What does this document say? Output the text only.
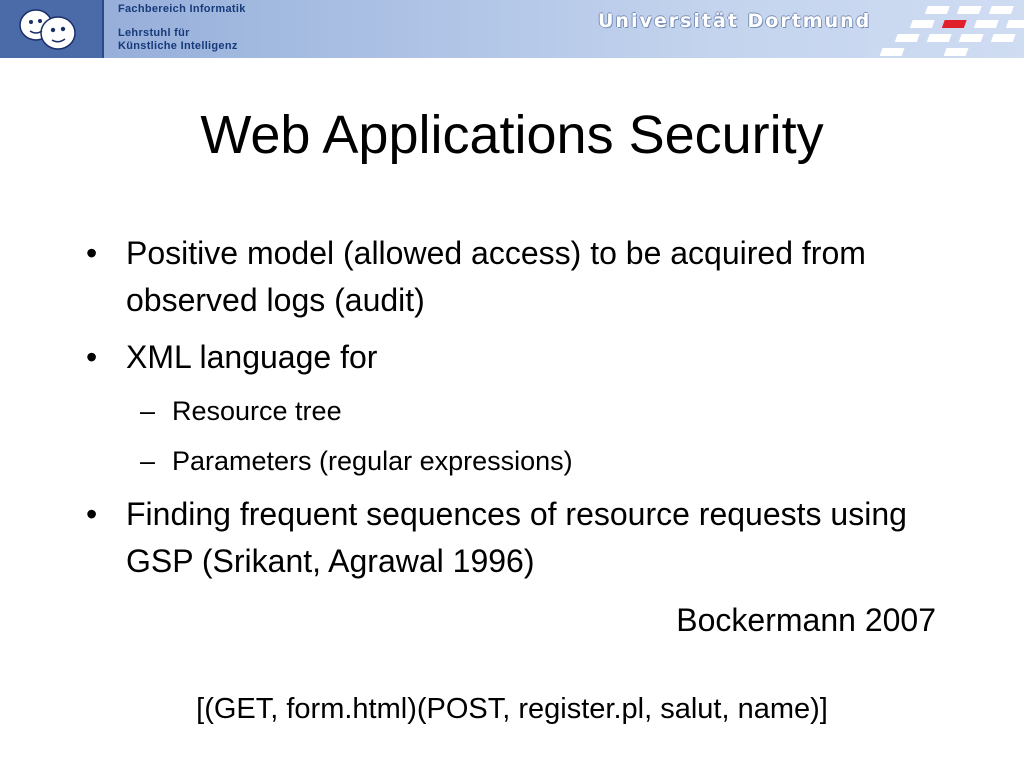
Fachbereich Informatik
Lehrstuhl für
Künstliche Intelligenz
Universität Dortmund
Web Applications Security
• Positive model (allowed access) to be acquired from observed logs (audit)
• XML language for
– Resource tree
– Parameters (regular expressions)
• Finding frequent sequences of resource requests using GSP (Srikant, Agrawal 1996)
Bockermann 2007
[(GET, form.html)(POST, register.pl, salut, name)]
